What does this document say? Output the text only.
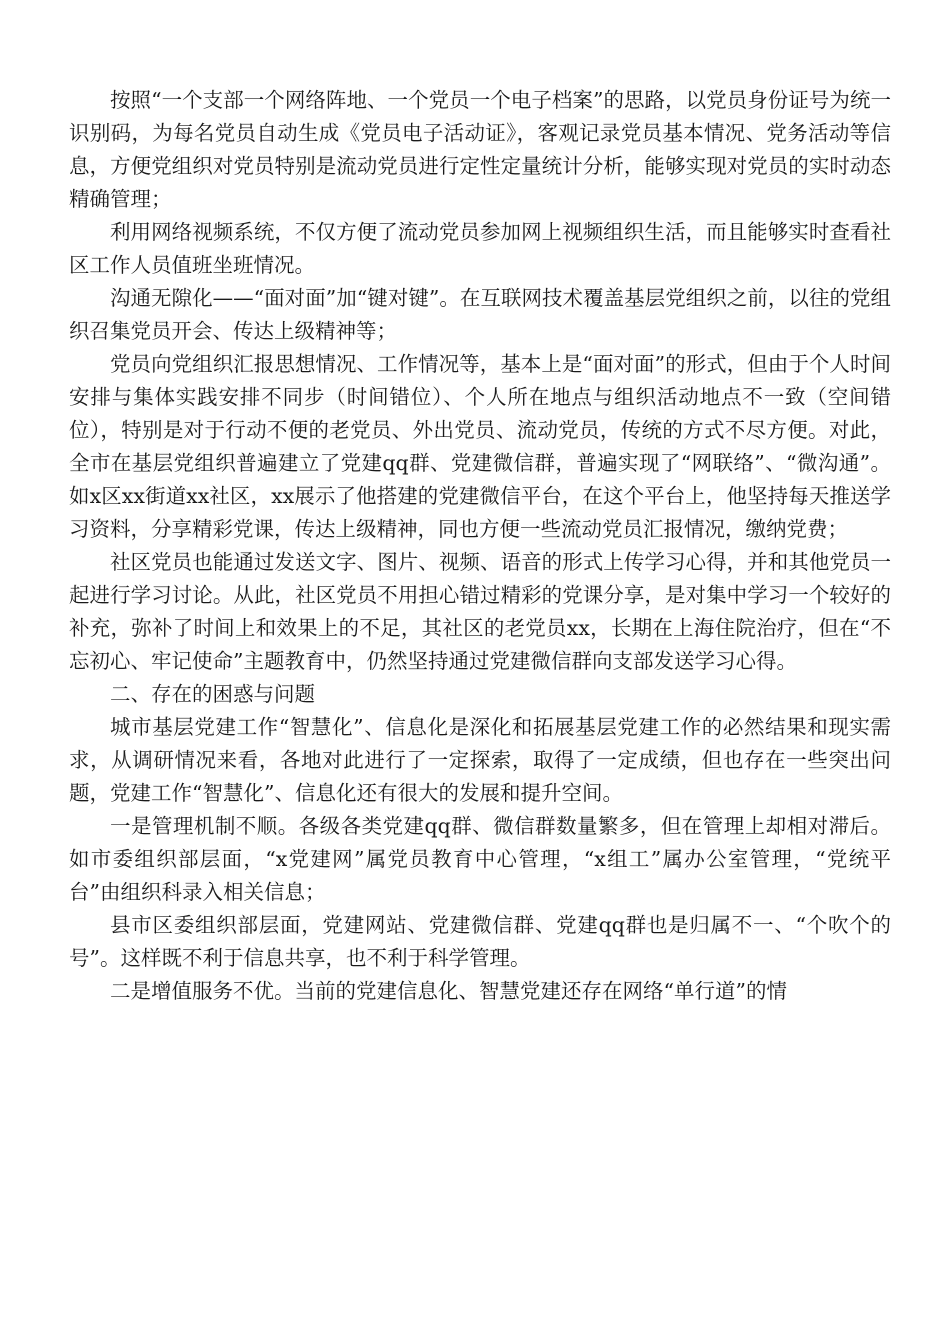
按照“一个支部一个网络阵地、一个党员一个电子档案”的思路，以党员身份证号为统一识别码，为每名党员自动生成《党员电子活动证》，客观记录党员基本情况、党务活动等信息，方便党组织对党员特别是流动党员进行定性定量统计分析，能够实现对党员的实时动态精确管理；

利用网络视频系统，不仅方便了流动党员参加网上视频组织生活，而且能够实时查看社区工作人员值班坐班情况。

沟通无隙化——“面对面”加“键对键”。在互联网技术覆盖基层党组织之前，以往的党组织召集党员开会、传达上级精神等；

党员向党组织汇报思想情况、工作情况等，基本上是“面对面”的形式，但由于个人时间安排与集体实践安排不同步（时间错位）、个人所在地点与组织活动地点不一致（空间错位），特别是对于行动不便的老党员、外出党员、流动党员，传统的方式不尽方便。对此，全市在基层党组织普遍建立了党建qq群、党建微信群，普遍实现了“网联络”、“微沟通”。如x区xx街道xx社区，xx展示了他搭建的党建微信平台，在这个平台上，他坚持每天推送学习资料，分享精彩党课，传达上级精神，同也方便一些流动党员汇报情况，缴纳党费；

社区党员也能通过发送文字、图片、视频、语音的形式上传学习心得，并和其他党员一起进行学习讨论。从此，社区党员不用担心错过精彩的党课分享，是对集中学习一个较好的补充，弥补了时间上和效果上的不足，其社区的老党员xx，长期在上海住院治疗，但在“不忘初心、牢记使命”主题教育中，仍然坚持通过党建微信群向支部发送学习心得。

二、存在的困惑与问题

城市基层党建工作“智慧化”、信息化是深化和拓展基层党建工作的必然结果和现实需求，从调研情况来看，各地对此进行了一定探索，取得了一定成绩，但也存在一些突出问题，党建工作“智慧化”、信息化还有很大的发展和提升空间。

一是管理机制不顺。各级各类党建qq群、微信群数量繁多，但在管理上却相对滞后。如市委组织部层面，“x党建网”属党员教育中心管理，“x组工”属办公室管理，“党统平台”由组织科录入相关信息；

县市区委组织部层面，党建网站、党建微信群、党建qq群也是归属不一、“个吹个的号”。这样既不利于信息共享，也不利于科学管理。

二是增值服务不优。当前的党建信息化、智慧党建还存在网络“单行道”的情
